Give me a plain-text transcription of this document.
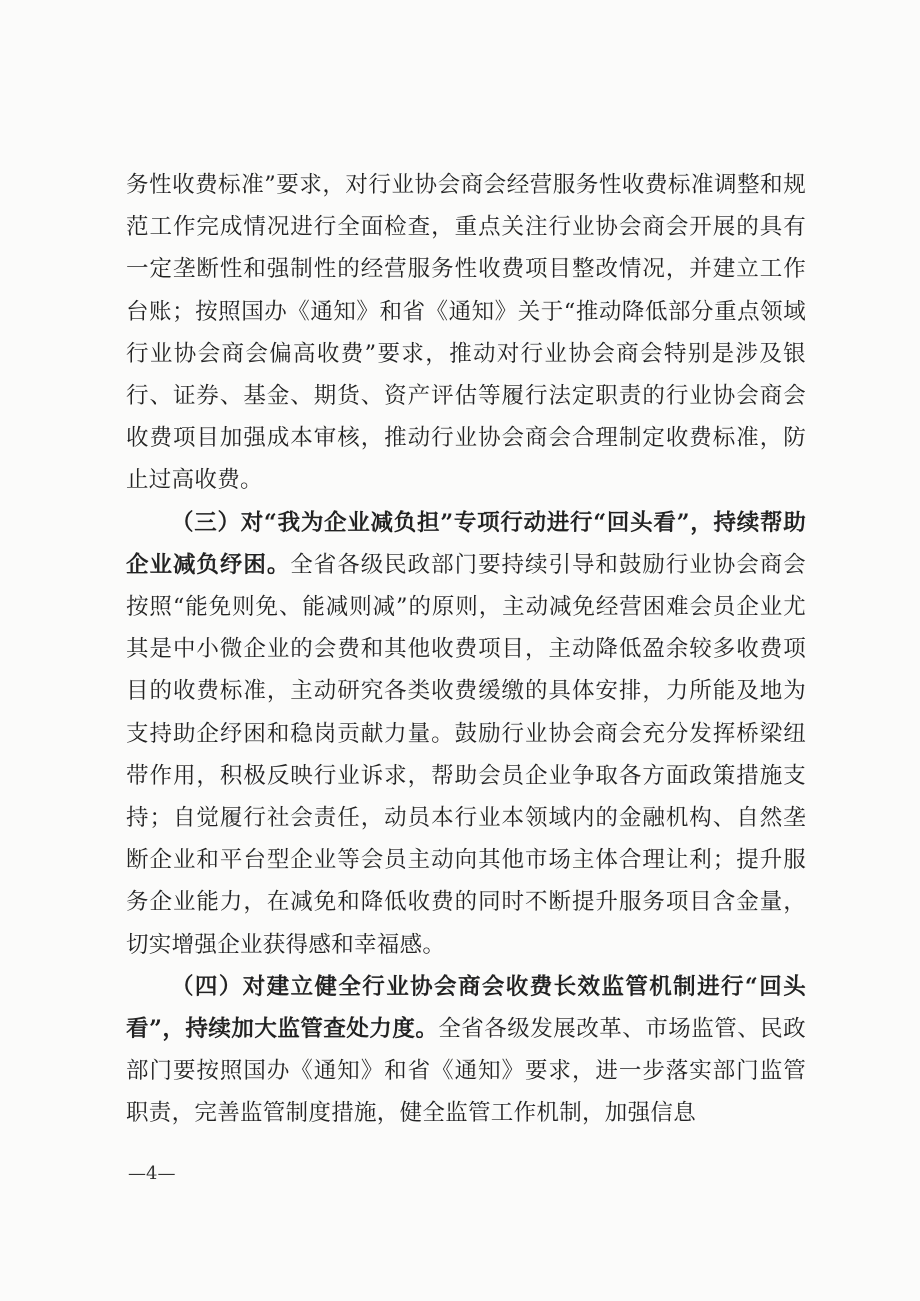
务性收费标准”要求，对行业协会商会经营服务性收费标准调整和规范工作完成情况进行全面检查，重点关注行业协会商会开展的具有一定垄断性和强制性的经营服务性收费项目整改情况，并建立工作台账；按照国办《通知》和省《通知》关于“推动降低部分重点领域行业协会商会偏高收费”要求，推动对行业协会商会特别是涉及银行、证券、基金、期货、资产评估等履行法定职责的行业协会商会收费项目加强成本审核，推动行业协会商会合理制定收费标准，防止过高收费。

（三）对“我为企业减负担”专项行动进行“回头看”，持续帮助企业减负纾困。全省各级民政部门要持续引导和鼓励行业协会商会按照“能免则免、能减则减”的原则，主动减免经营困难会员企业尤其是中小微企业的会费和其他收费项目，主动降低盈余较多收费项目的收费标准，主动研究各类收费缓缴的具体安排，力所能及地为支持助企纾困和稳岗贡献力量。鼓励行业协会商会充分发挥桥梁纽带作用，积极反映行业诉求，帮助会员企业争取各方面政策措施支持；自觉履行社会责任，动员本行业本领域内的金融机构、自然垄断企业和平台型企业等会员主动向其他市场主体合理让利；提升服务企业能力，在减免和降低收费的同时不断提升服务项目含金量，切实增强企业获得感和幸福感。

（四）对建立健全行业协会商会收费长效监管机制进行“回头看”，持续加大监管查处力度。全省各级发展改革、市场监管、民政部门要按照国办《通知》和省《通知》要求，进一步落实部门监管职责，完善监管制度措施，健全监管工作机制，加强信息

—4—
